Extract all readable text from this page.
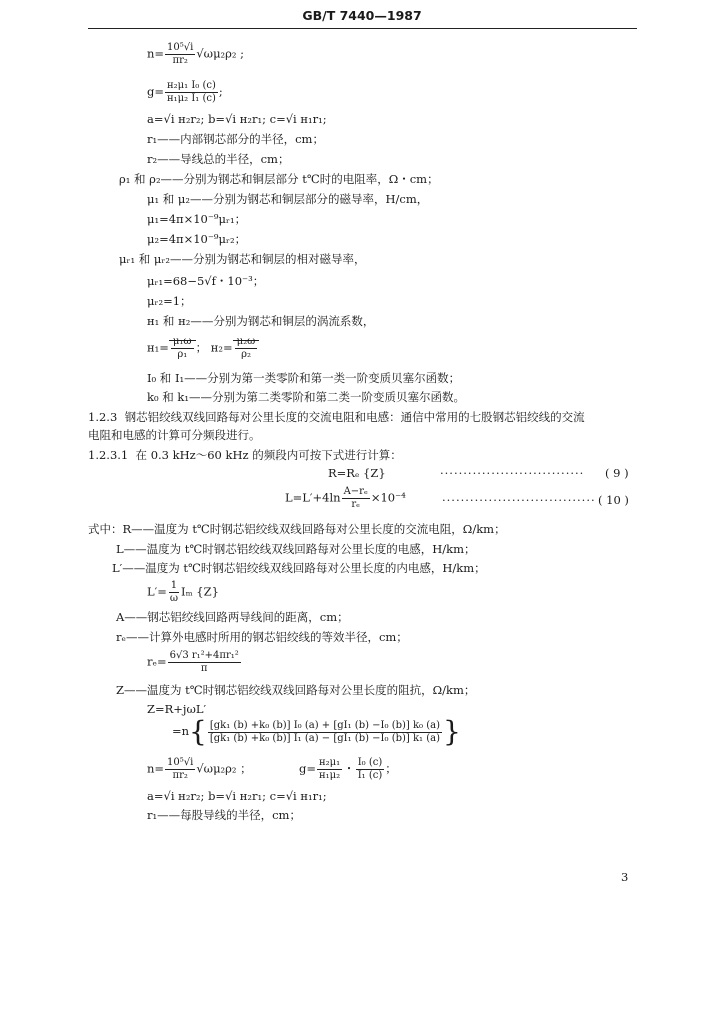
GB/T 7440—1987
$n= \frac{\text{10⁵√i}}{\text{πr₂}} √\omega\mu_2\rho_2$ ;
$g= \frac{\text{н₂μ₁ I₀ (c)}}{\text{н₁μ₂ I₁ (c)}}$ ;
a=√i н₂r₂; b=√i н₂r₁; c=√i н₁r₁;
r₁——内部钢芯部分的半径，cm；
r₂——导线总的半径，cm；
ρ₁ 和 ρ₂——分别为钢芯和铜层部分 t℃时的电阻率，Ω・cm；
μ₁ 和 μ₂——分别为钢芯和铜层部分的磁导率，H/cm，
μ₁=4π×10⁻⁹μᵣ₁；
μ₂=4π×10⁻⁹μᵣ₂；
μᵣ₁ 和 μᵣ₂——分别为钢芯和铜层的相对磁导率，
μᵣ₁=68−5√f・10⁻³；
μᵣ₂=1；
н₁ 和 н₂——分别为钢芯和铜层的涡流系数，
$н_1= \frac{\text{μ₁ω}}{\text{ρ₁}}$ ； $н_2= \frac{\text{μ₂ω}}{\text{ρ₂}}$
I₀ 和 I₁——分别为第一类零阶和第一类一阶变质贝塞尔函数；
k₀ 和 k₁——分别为第二类零阶和第二类一阶变质贝塞尔函数。
1.2.3 钢芯铝绞线双线回路每对公里长度的交流电阻和电感：通信中常用的七股钢芯铝绞线的交流
电阻和电感的计算可分频段进行。
1.2.3.1 在 0.3 kHz～60 kHz 的频段内可按下式进行计算：
R=Rₑ {Z}	······························· ( 9 )
$L=L'+4\ln \frac{\text{A−rₑ}}{\text{rₑ}} \times 10^{-4}$	································· ( 10 )
式中：R——温度为 t℃时钢芯铝绞线双线回路每对公里长度的交流电阻，Ω/km；
L——温度为 t℃时钢芯铝绞线双线回路每对公里长度的电感，H/km；
L′——温度为 t℃时钢芯铝绞线双线回路每对公里长度的内电感，H/km；
$L'= \frac{1}{\omega}$ Iₘ {Z}
A——钢芯铝绞线回路两导线间的距离，cm；
rₑ——计算外电感时所用的钢芯铝绞线的等效半径，cm；
$r_e= \frac{\text{6√3 r₁²+4πr₁²}}{\pi}$
Z——温度为 t℃时钢芯铝绞线双线回路每对公里长度的阻抗，Ω/km；
Z=R+jωL′
$=n\{ \frac{\text{[gk₁ (b) +k₀ (b)] I₀ (a) + [gI₁ (b) −I₀ (b)] k₀ (a)}}{\text{[gk₁ (b) +k₀ (b)] I₁ (a) − [gI₁ (b) −I₀ (b)] k₁ (a)}}$ }
$n= \frac{\text{10⁵√i}}{\text{πr₂}} √\omega\mu_2\rho_2$ ；	$g= \frac{\text{н₂μ₁}}{\text{н₁μ₂}}$ ・ $\frac{\text{I₀ (c)}}{\text{I₁ (c)}}$ ；
a=√i н₂r₂; b=√i н₂r₁; c=√i н₁r₁;
r₁——每股导线的半径，cm；
3
